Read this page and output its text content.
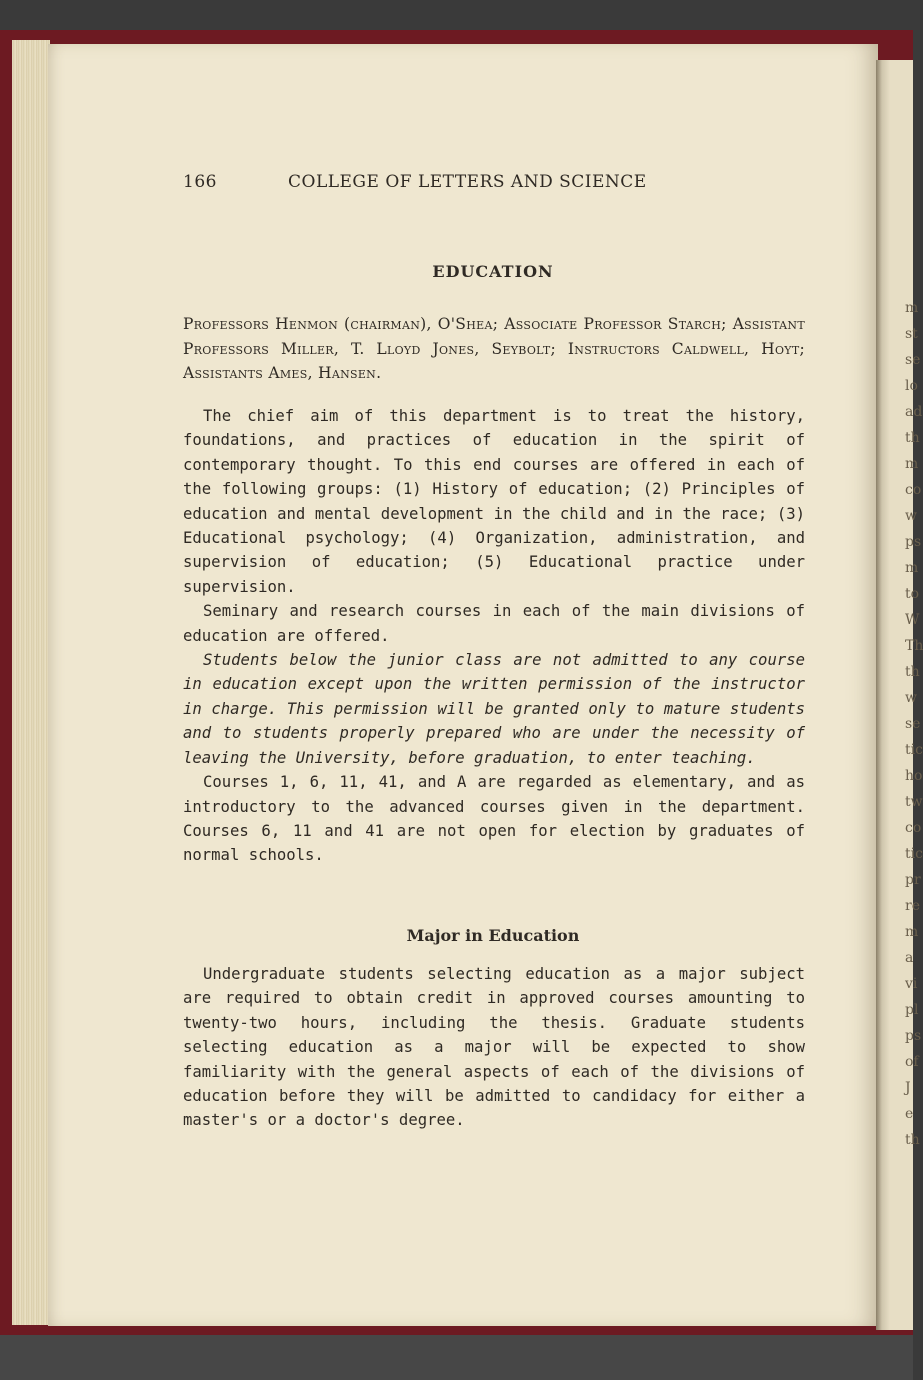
m
st
se
lo
ad
th
m
co
w
ps
m
to
W
Th
th
w
se
tic
ho
tw
co
tic
pr
re
m
a
vi
pl
ps
of
J
e
th
166	COLLEGE OF LETTERS AND SCIENCE
EDUCATION
Professors Henmon (chairman), O'Shea; Associate Professor Starch; Assistant Professors Miller, T. Lloyd Jones, Seybolt; Instructors Caldwell, Hoyt; Assistants Ames, Hansen.

The chief aim of this department is to treat the history, foundations, and practices of education in the spirit of contemporary thought. To this end courses are offered in each of the following groups: (1) History of education; (2) Principles of education and mental development in the child and in the race; (3) Educational psychology; (4) Organization, administration, and supervision of education; (5) Educational practice under supervision.

Seminary and research courses in each of the main divisions of education are offered.

Students below the junior class are not admitted to any course in education except upon the written permission of the instructor in charge. This permission will be granted only to mature students and to students properly prepared who are under the necessity of leaving the University, before graduation, to enter teaching.

Courses 1, 6, 11, 41, and A are regarded as elementary, and as introductory to the advanced courses given in the department. Courses 6, 11 and 41 are not open for election by graduates of normal schools.

Major in Education

Undergraduate students selecting education as a major subject are required to obtain credit in approved courses amounting to twenty-two hours, including the thesis. Graduate students selecting education as a major will be expected to show familiarity with the general aspects of each of the divisions of education before they will be admitted to candidacy for either a master's or a doctor's degree.
